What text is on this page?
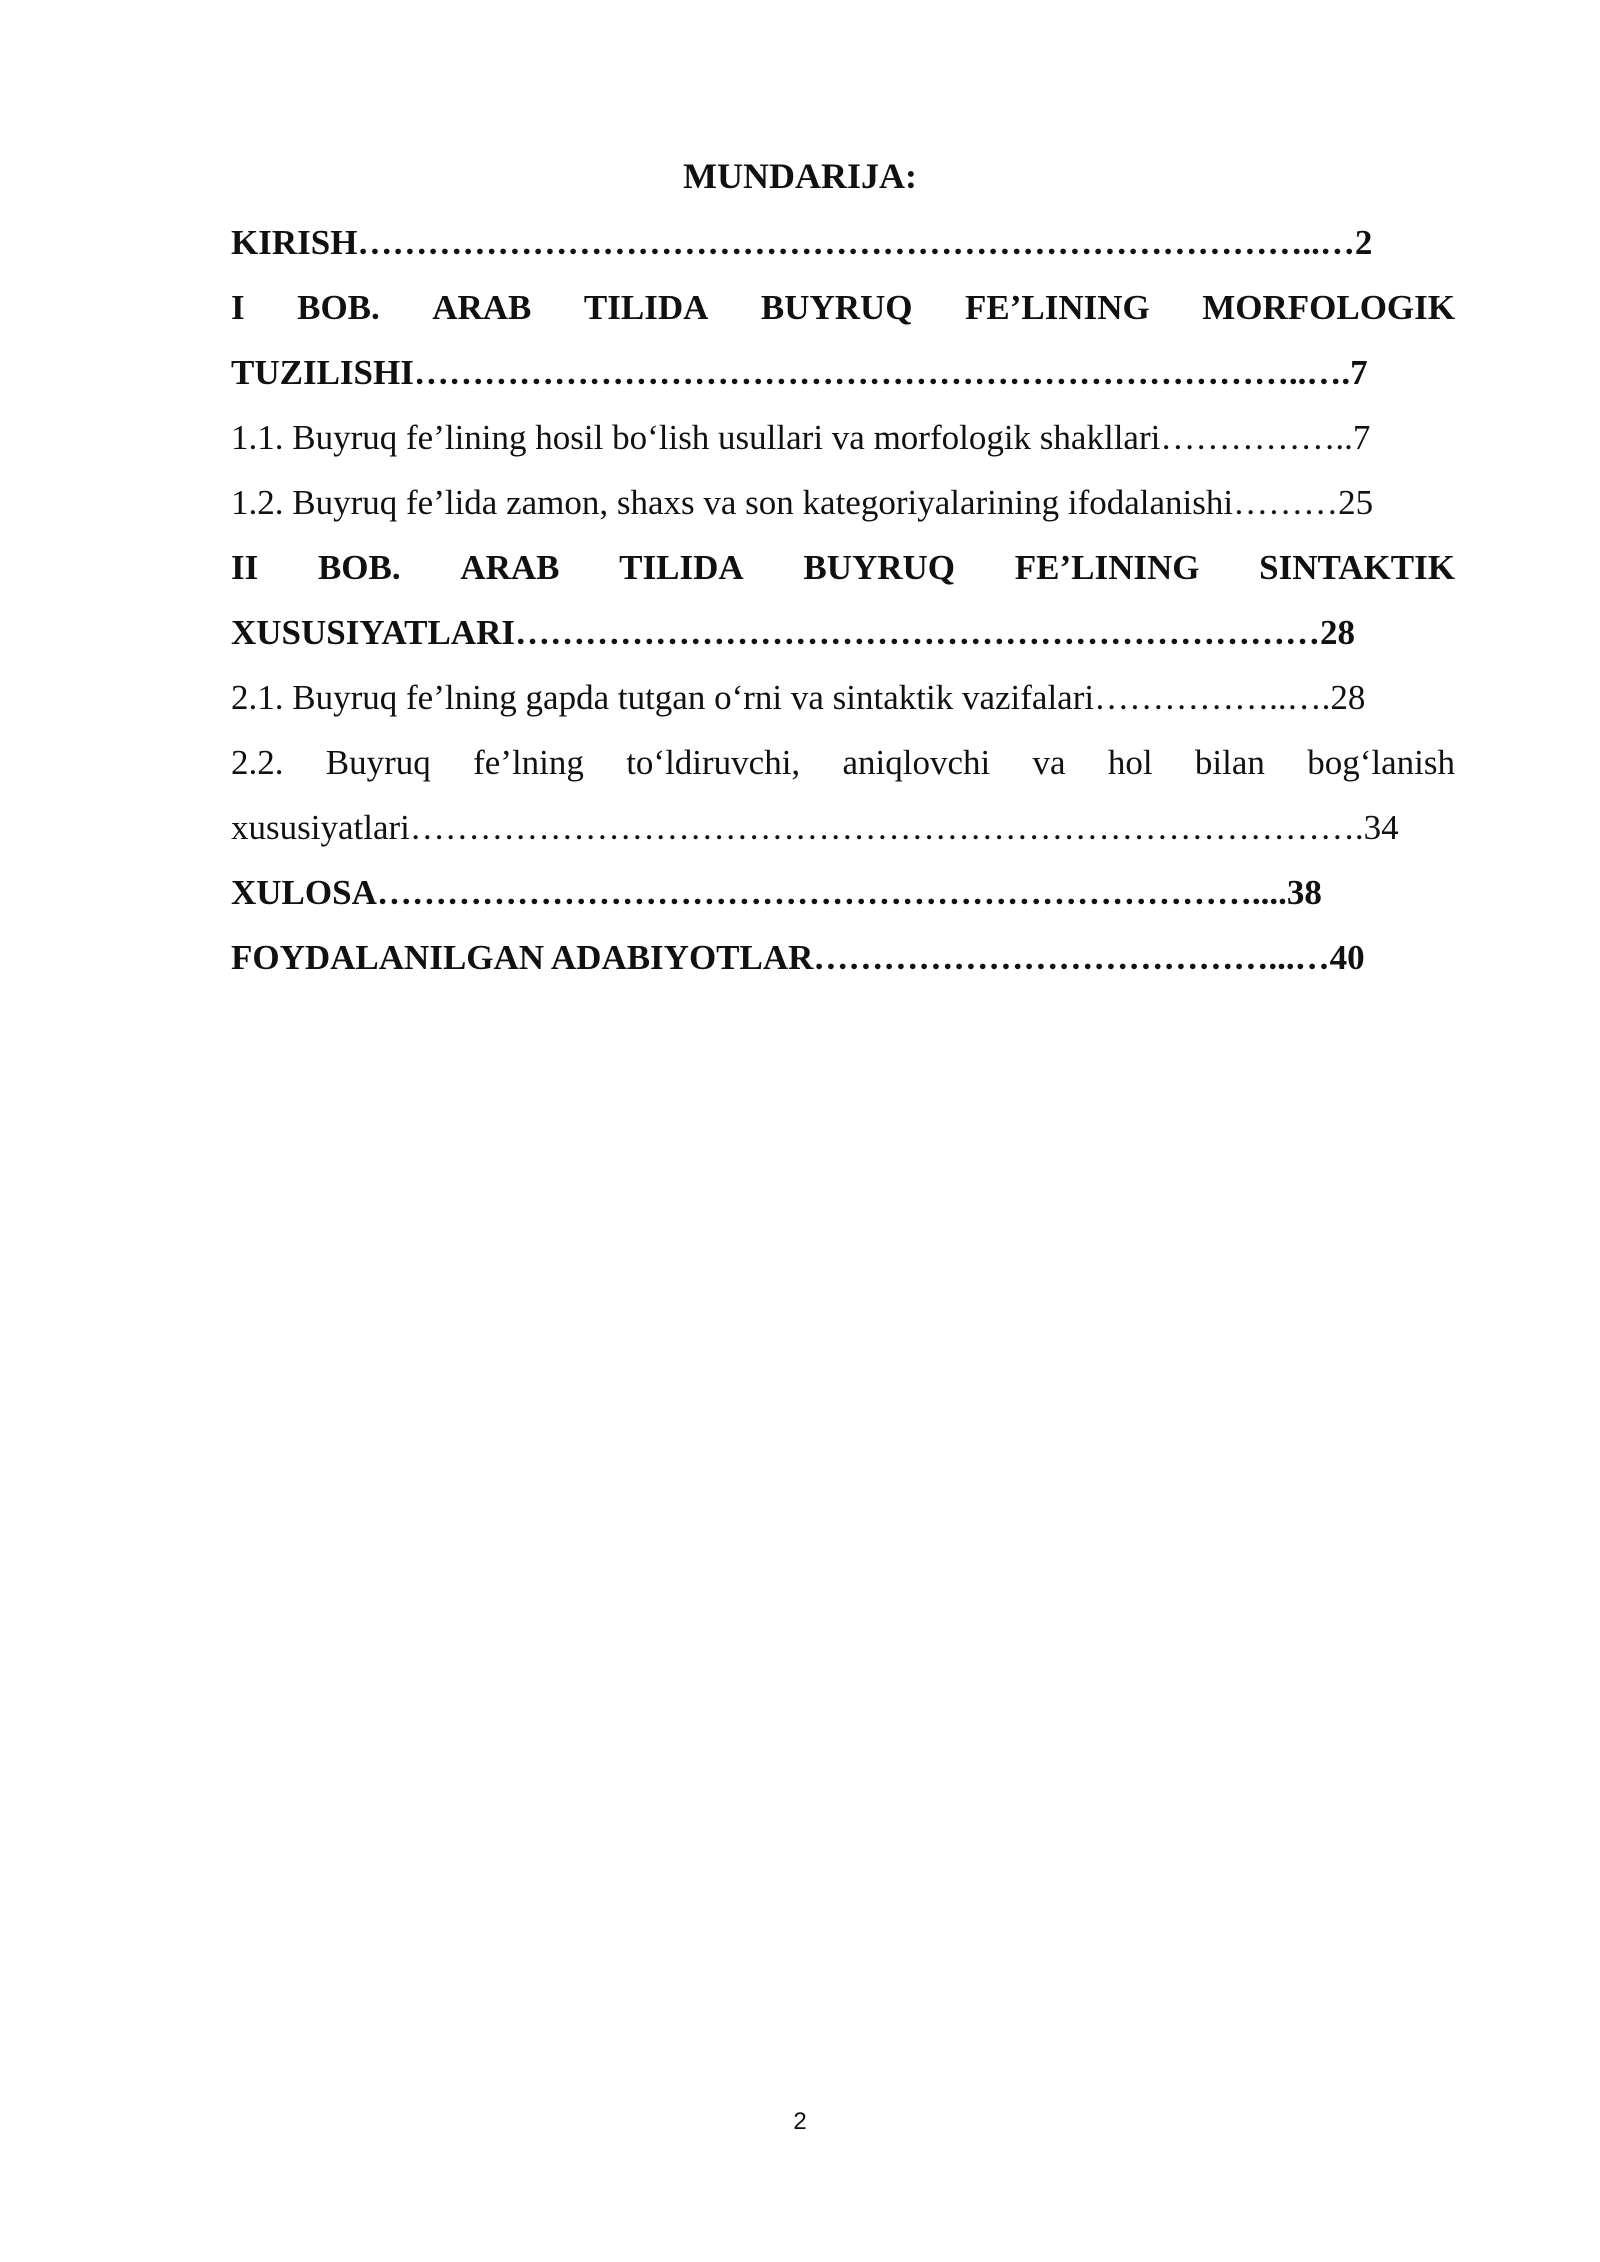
MUNDARIJA:
KIRISH………………………………………………………………………..…2
I BOB. ARAB TILIDA BUYRUQ FE’LINING MORFOLOGIK
TUZILISHI…………………………………………………………………..….7
1.1. Buyruq fe’lining hosil bo‘lish usullari va morfologik shakllari……………..7
1.2. Buyruq fe’lida zamon, shaxs va son kategoriyalarining ifodalanishi………25
II BOB. ARAB TILIDA BUYRUQ FE’LINING SINTAKTIK
XUSUSIYATLARI……………………………………………………………28
2.1. Buyruq fe’lning gapda tutgan o‘rni va sintaktik vazifalari……………..….28
2.2. Buyruq fe’lning to‘ldiruvchi, aniqlovchi va hol bilan bog‘lanish
xususiyatlari……………………………………………………………………….34
XULOSA…………………………………………………………………....38
FOYDALANILGAN ADABIYOTLAR…………………………………...…40
2
